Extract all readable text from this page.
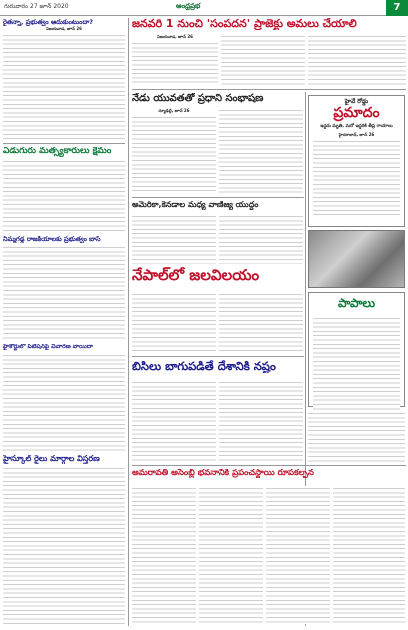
గురువారం 27 జూన్ 2020	ఆంధ్రప్రభ	7
రైతన్నా, ప్రభుత్వం ఆదుకుంటుందా?
విజయవాడ, జూన్ 26
ఏడుగురు మత్స్యకారులు క్షేమం
నిమ్మగడ్డ రాజకీయాలకు ప్రభుత్వం బాస్
హైకోర్టులో పిటిషన్‌పై విచారణ వాయిదా
హైస్కూల్ రైలు మార్గాల విస్తరణ
జనవరి 1 నుంచి 'సంపదన' ప్రాజెక్టు అమలు చేయాలి
విజయవాడ, జూన్ 26
నేడు యువతతో ప్రధాని సంభాషణ
న్యూఢిల్లీ, జూన్ 26
అమెరికా,కెనడాల మధ్య వాణిజ్య యుద్ధం
నేపాల్‌లో జలవిలయం
హైవే రోడ్డు
ప్రమాదం
ఇద్దరు మృతి, మరో ఇద్దరికి తీవ్ర గాయాలు
హైదరాబాద్, జూన్ 26
పాపాలు
బిసిలు బాగుపడితే దేశానికి నష్టం
అమరావతి అసెంబ్లీ భవనానికి ప్రపంచస్థాయి రూపకల్పన
